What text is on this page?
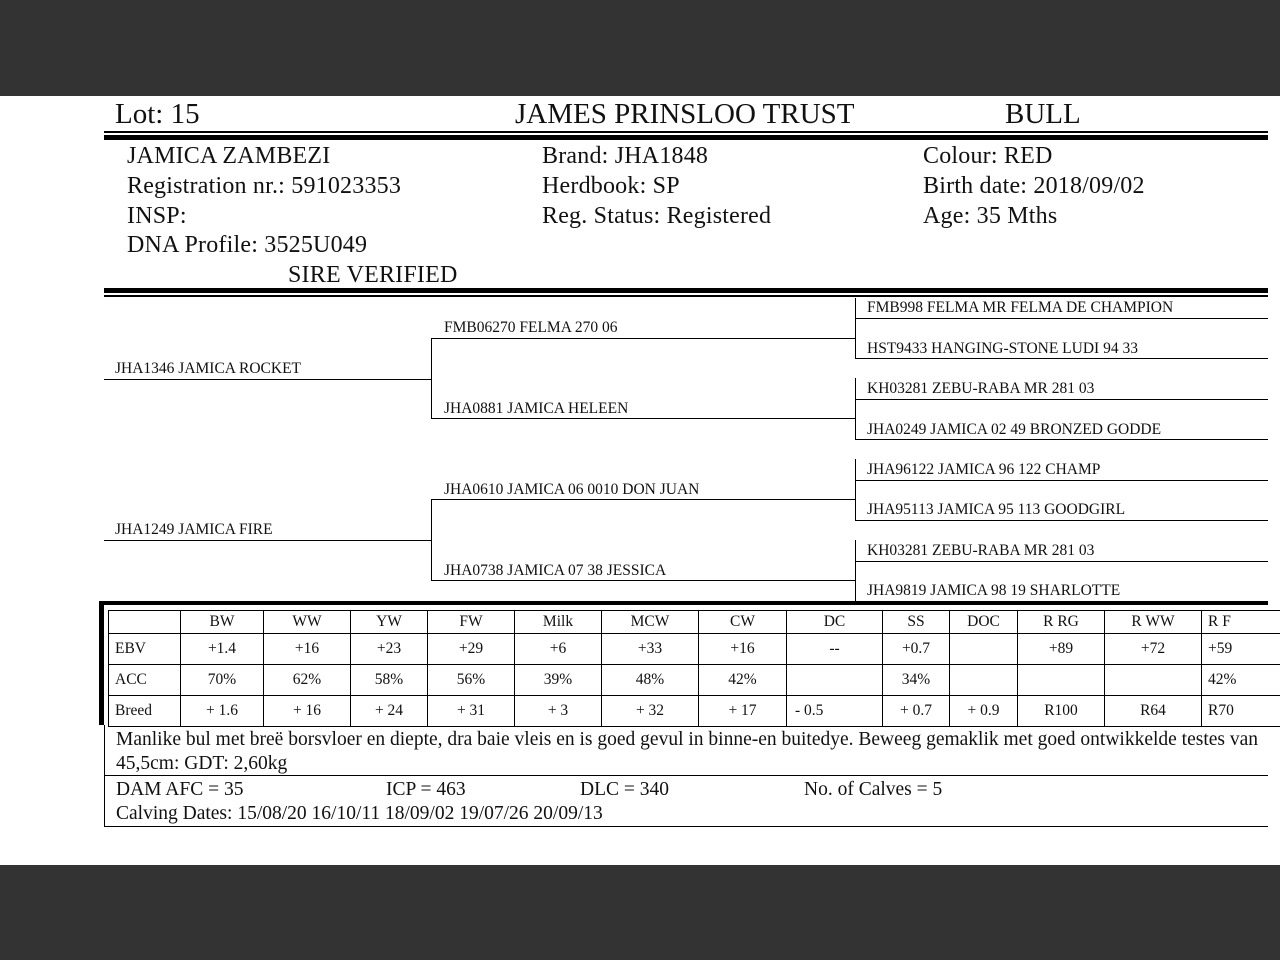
Lot: 15	JAMES PRINSLOO TRUST	BULL
JAMICA ZAMBEZI
Registration nr.: 591023353
INSP:
DNA Profile: 3525U049
SIRE VERIFIED
Brand: JHA1848
Herdbook: SP
Reg. Status: Registered
Colour: RED
Birth date: 2018/09/02
Age: 35 Mths
JHA1346 JAMICA ROCKET
JHA1249 JAMICA FIRE
FMB06270 FELMA 270 06
JHA0881 JAMICA HELEEN
JHA0610 JAMICA 06 0010 DON JUAN
JHA0738 JAMICA 07 38 JESSICA
FMB998 FELMA MR FELMA DE CHAMPION
HST9433 HANGING-STONE LUDI 94 33
KH03281 ZEBU-RABA MR 281 03
JHA0249 JAMICA 02 49 BRONZED GODDE
JHA96122 JAMICA 96 122 CHAMP
JHA95113 JAMICA 95 113 GOODGIRL
KH03281 ZEBU-RABA MR 281 03
JHA9819 JAMICA 98 19 SHARLOTTE
	BW	WW	YW	FW	Milk	MCW	CW	DC	SS	DOC	R RG	R WW	R F
EBV	+1.4	+16	+23	+29	+6	+33	+16	--	+0.7		+89	+72	+59
ACC	70%	62%	58%	56%	39%	48%	42%		34%				42%
Breed	+ 1.6	+ 16	+ 24	+ 31	+ 3	+ 32	+ 17	- 0.5	+ 0.7	+ 0.9	R100	R64	R70
Manlike bul met breë borsvloer en diepte, dra baie vleis en is goed gevul in binne-en buitedye. Beweeg gemaklik met goed ontwikkelde testes van 45,5cm: GDT: 2,60kg
DAM AFC = 35	ICP = 463	DLC = 340	No. of Calves = 5
Calving Dates: 15/08/20 16/10/11 18/09/02 19/07/26 20/09/13
